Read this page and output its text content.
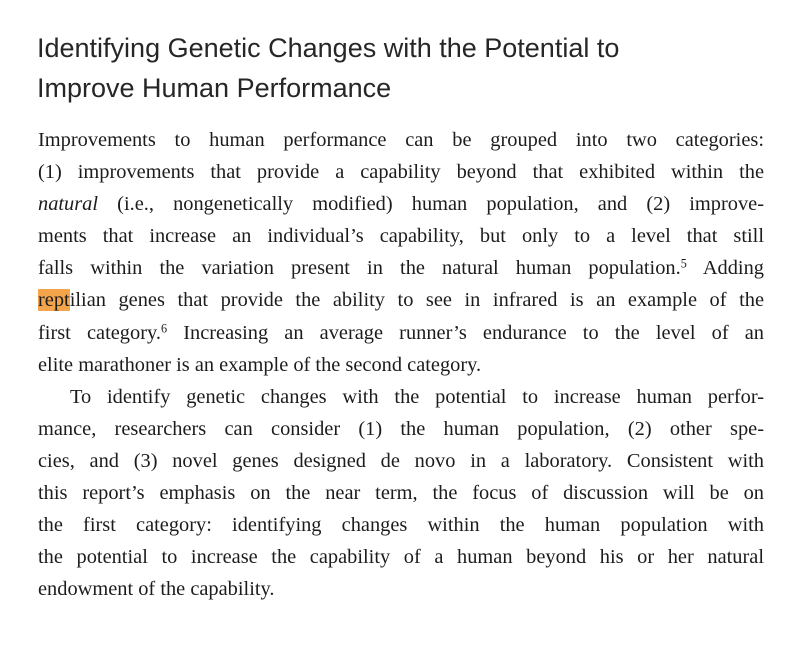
Identifying Genetic Changes with the Potential to
Improve Human Performance
Improvements to human performance can be grouped into two categories:
(1) improvements that provide a capability beyond that exhibited within the
natural (i.e., nongenetically modified) human population, and (2) improve-
ments that increase an individual’s capability, but only to a level that still
falls within the variation present in the natural human population.$^5$ Adding
reptilian genes that provide the ability to see in infrared is an example of the
first category.$^6$ Increasing an average runner’s endurance to the level of an
elite marathoner is an example of the second category.
To identify genetic changes with the potential to increase human perfor-
mance, researchers can consider (1) the human population, (2) other spe-
cies, and (3) novel genes designed de novo in a laboratory. Consistent with
this report’s emphasis on the near term, the focus of discussion will be on
the first category: identifying changes within the human population with
the potential to increase the capability of a human beyond his or her natural
endowment of the capability.
